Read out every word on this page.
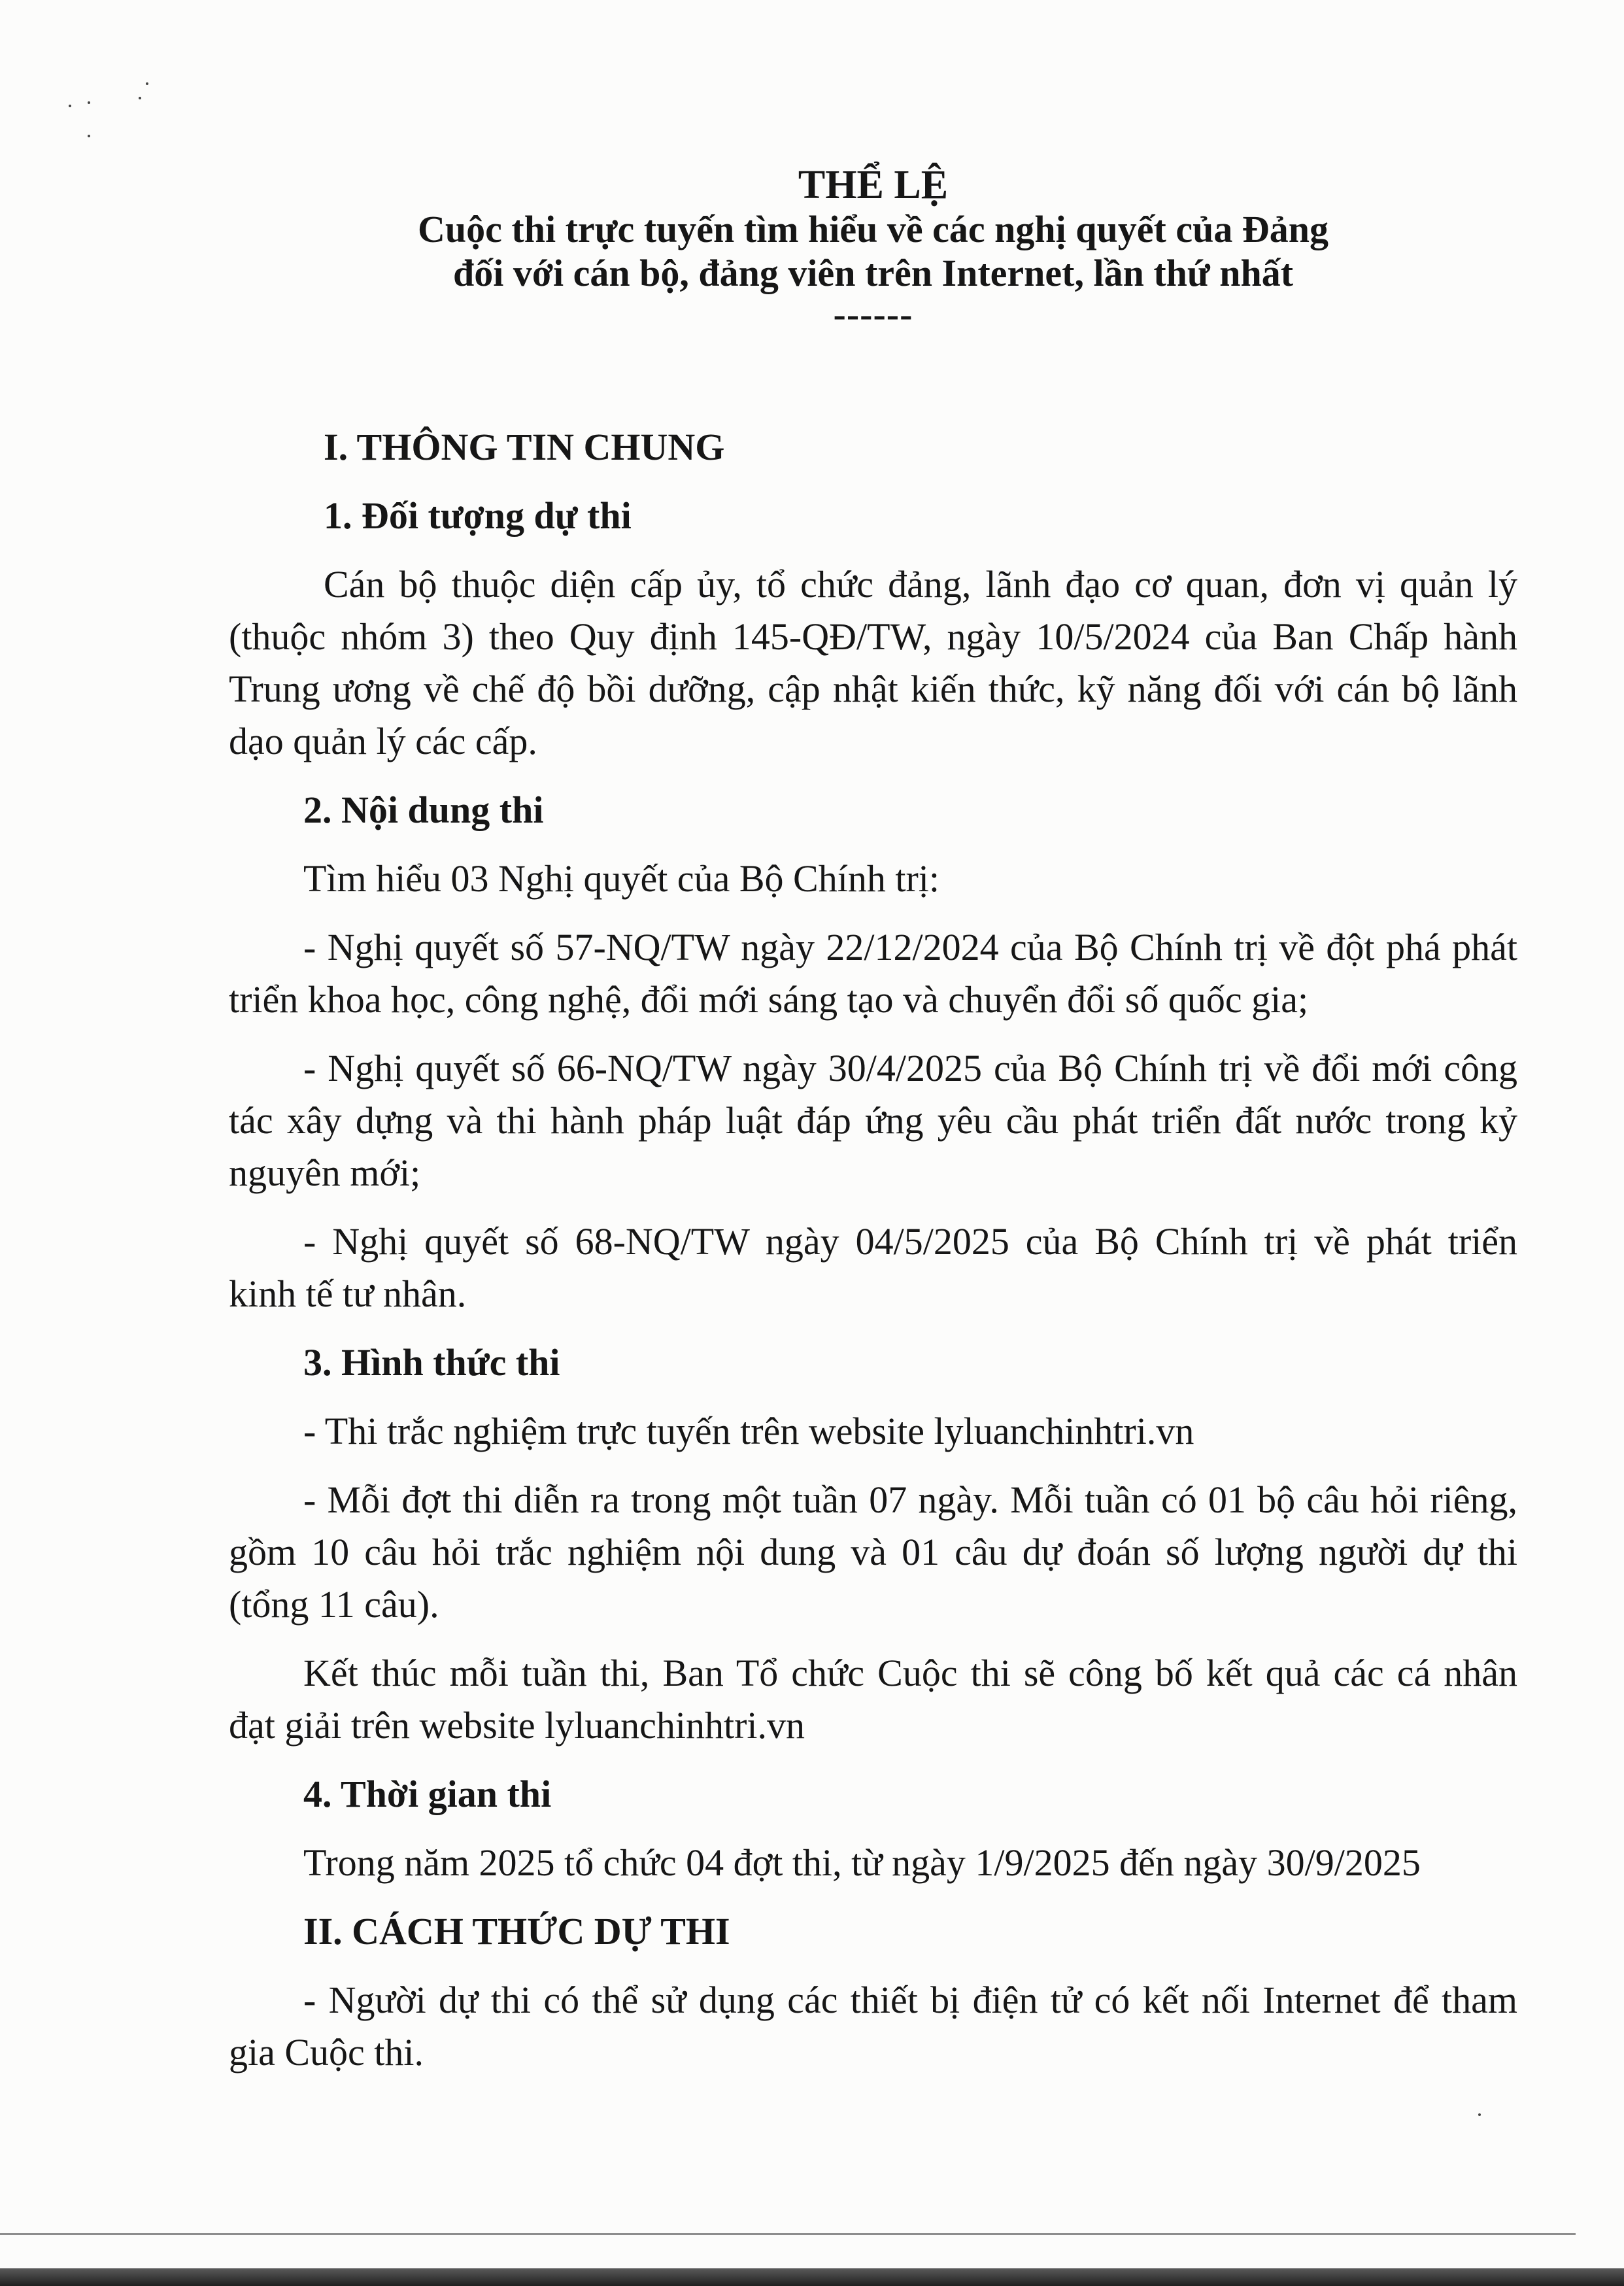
THỂ LỆ
Cuộc thi trực tuyến tìm hiểu về các nghị quyết của Đảng
đối với cán bộ, đảng viên trên Internet, lần thứ nhất
------
I. THÔNG TIN CHUNG
1. Đối tượng dự thi
Cán bộ thuộc diện cấp ủy, tổ chức đảng, lãnh đạo cơ quan, đơn vị quản lý
(thuộc nhóm 3) theo Quy định 145-QĐ/TW, ngày 10/5/2024 của Ban Chấp hành
Trung ương về chế độ bồi dưỡng, cập nhật kiến thức, kỹ năng đối với cán bộ lãnh
dạo quản lý các cấp.
2. Nội dung thi
Tìm hiểu 03 Nghị quyết của Bộ Chính trị:
- Nghị quyết số 57-NQ/TW ngày 22/12/2024 của Bộ Chính trị về đột phá phát
triển khoa học, công nghệ, đổi mới sáng tạo và chuyển đổi số quốc gia;
- Nghị quyết số 66-NQ/TW ngày 30/4/2025 của Bộ Chính trị về đổi mới công
tác xây dựng và thi hành pháp luật đáp ứng yêu cầu phát triển đất nước trong kỷ
nguyên mới;
- Nghị quyết số 68-NQ/TW ngày 04/5/2025 của Bộ Chính trị về phát triển
kinh tế tư nhân.
3. Hình thức thi
- Thi trắc nghiệm trực tuyến trên website lyluanchinhtri.vn
- Mỗi đợt thi diễn ra trong một tuần 07 ngày. Mỗi tuần có 01 bộ câu hỏi riêng,
gồm 10 câu hỏi trắc nghiệm nội dung và 01 câu dự đoán số lượng người dự thi
(tổng 11 câu).
Kết thúc mỗi tuần thi, Ban Tổ chức Cuộc thi sẽ công bố kết quả các cá nhân
đạt giải trên website lyluanchinhtri.vn
4. Thời gian thi
Trong năm 2025 tổ chức 04 đợt thi, từ ngày 1/9/2025 đến ngày 30/9/2025
II. CÁCH THỨC DỰ THI
- Người dự thi có thể sử dụng các thiết bị điện tử có kết nối Internet để tham
gia Cuộc thi.
